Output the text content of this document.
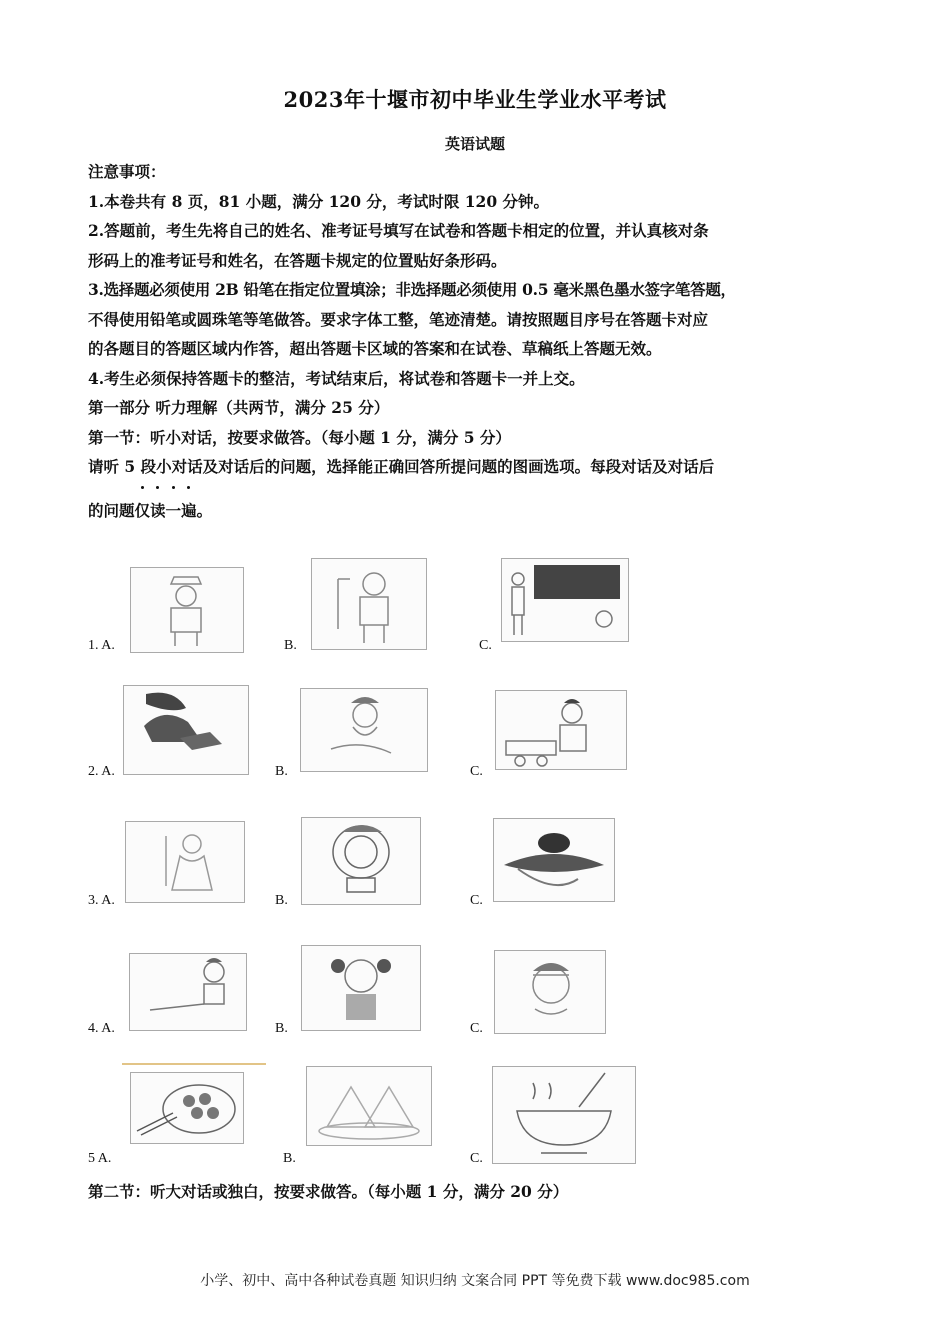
2023年十堰市初中毕业生学业水平考试
英语试题

注意事项：

1.本卷共有 8 页，81 小题，满分 120 分，考试时限 120 分钟。

2.答题前，考生先将自己的姓名、准考证号填写在试卷和答题卡相定的位置，并认真核对条

形码上的准考证号和姓名，在答题卡规定的位置贴好条形码。

3.选择题必须使用 2B 铅笔在指定位置填涂；非选择题必须使用 0.5 毫米黑色墨水签字笔答题，

不得使用铅笔或圆珠笔等笔做答。要求字体工整，笔迹清楚。请按照题目序号在答题卡对应

的各题目的答题区域内作答，超出答题卡区域的答案和在试卷、草稿纸上答题无效。

4.考生必须保持答题卡的整洁，考试结束后，将试卷和答题卡一并上交。

第一部分 听力理解（共两节，满分 25 分）

第一节：听小对话，按要求做答。（每小题 1 分，满分 5 分）

请听 5 段小对话及对话后的问题，选择能正确回答所提问题的图画选项。每段对话及对话后

的问题
仅
读
一
遍。

1. A.	B.	C.
2. A.	B.	C.
3. A.	B.	C.
4. A.	B.	C.
5 A.	B.	C.
第二节：听大对话或独白，按要求做答。（每小题 1 分，满分 20 分）
小学、初中、高中各种试卷真题 知识归纳 文案合同 PPT 等免费下载 www.doc985.com
